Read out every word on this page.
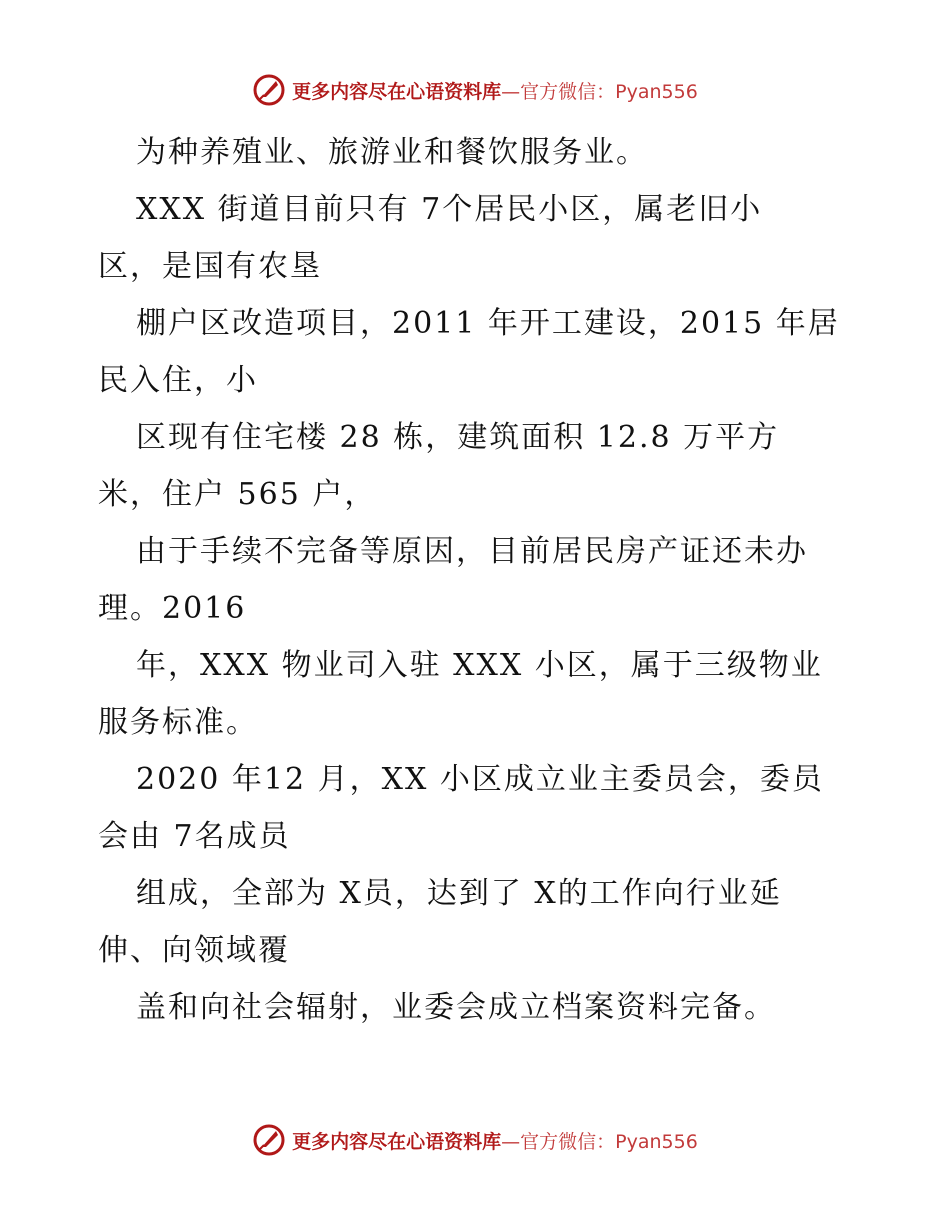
更多内容尽在心语资料库—官方微信：Pyan556
为种养殖业、旅游业和餐饮服务业。
XXX 街道目前只有 7个居民小区，属老旧小
区，是国有农垦
棚户区改造项目，2011 年开工建设，2015 年居
民入住，小
区现有住宅楼 28 栋，建筑面积 12.8 万平方
米，住户 565 户，
由于手续不完备等原因，目前居民房产证还未办
理。2016
年，XXX 物业司入驻 XXX 小区，属于三级物业
服务标准。
2020 年12 月，XX 小区成立业主委员会，委员
会由 7名成员
组成，全部为 X员，达到了 X的工作向行业延
伸、向领域覆
盖和向社会辐射，业委会成立档案资料完备。
更多内容尽在心语资料库—官方微信：Pyan556
